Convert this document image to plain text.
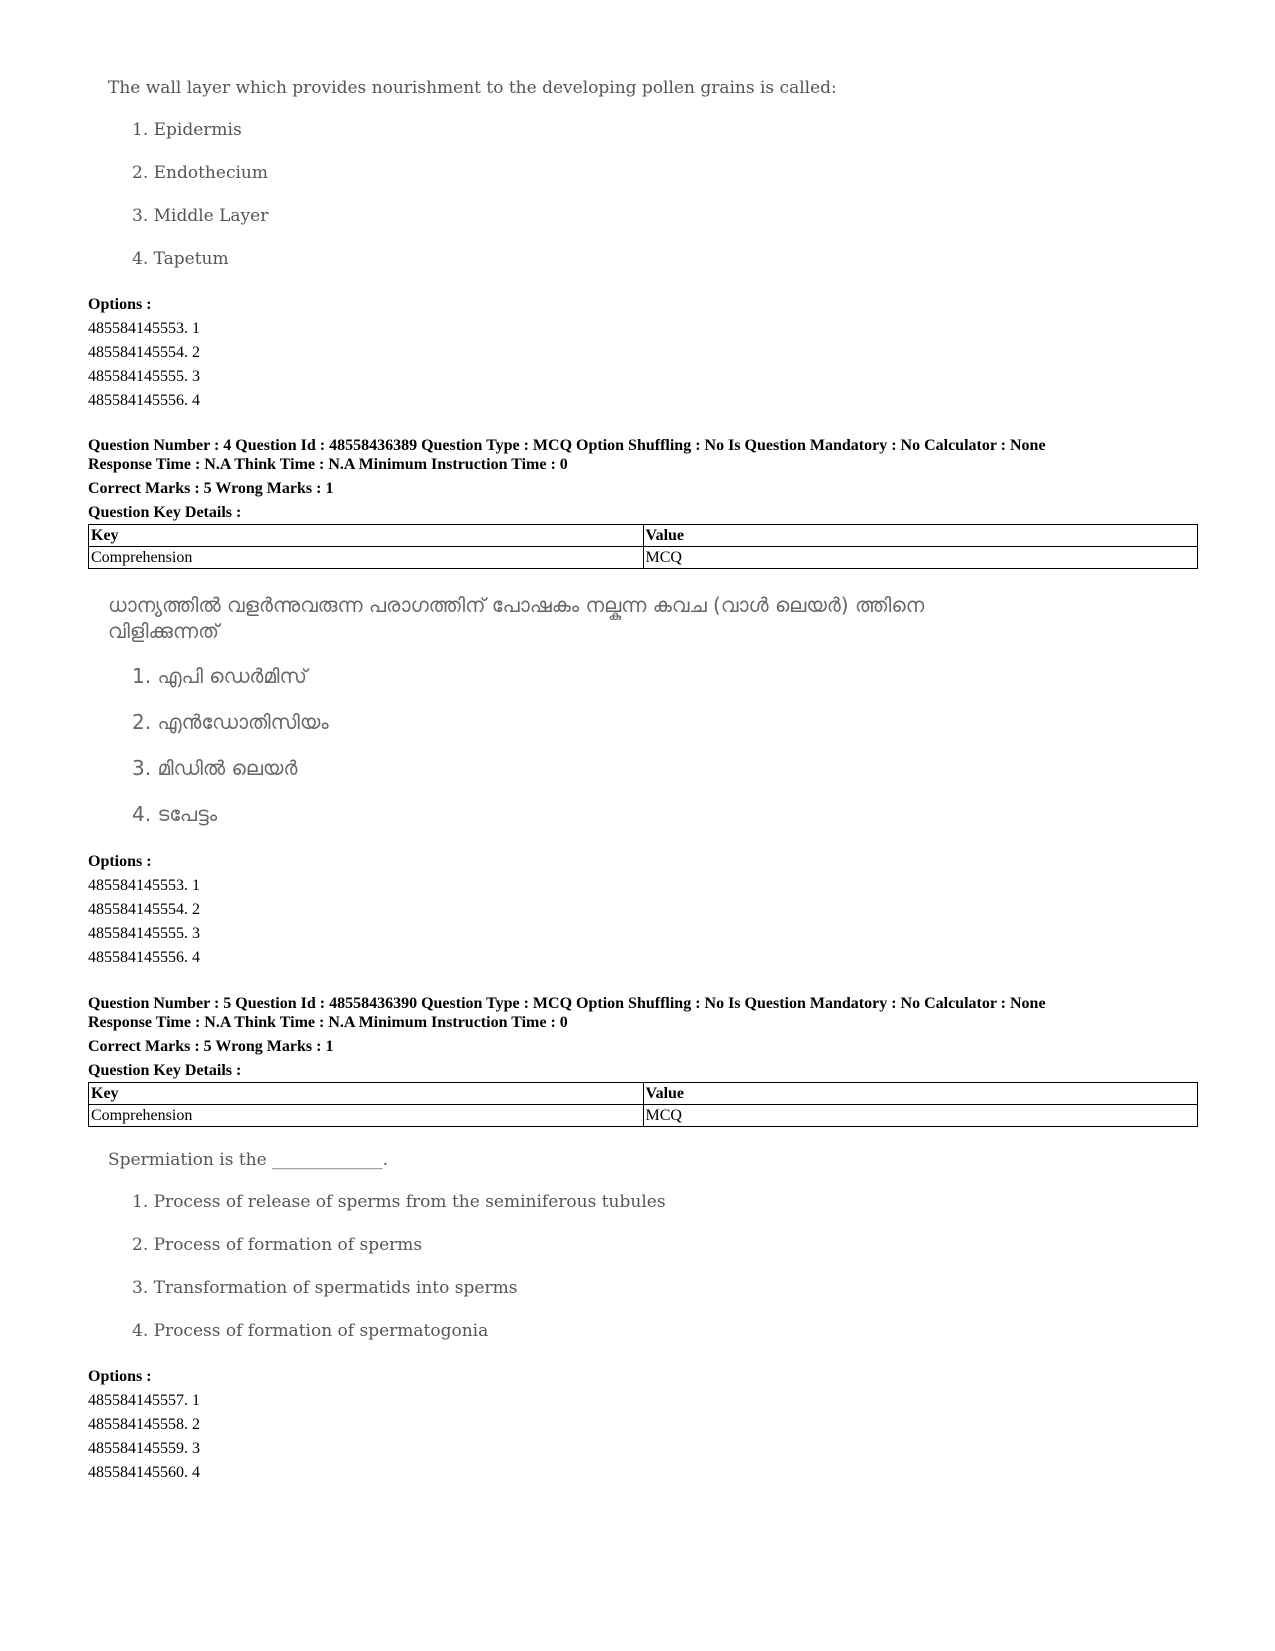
The wall layer which provides nourishment to the developing pollen grains is called:
1. Epidermis
2. Endothecium
3. Middle Layer
4. Tapetum
Options :
485584145553. 1
485584145554. 2
485584145555. 3
485584145556. 4
Question Number : 4 Question Id : 48558436389 Question Type : MCQ Option Shuffling : No Is Question Mandatory : No Calculator : None
Response Time : N.A Think Time : N.A Minimum Instruction Time : 0
Correct Marks : 5 Wrong Marks : 1
Question Key Details :
Key	Value
Comprehension	MCQ
ധാന്യത്തിൽ വളർന്നുവരുന്ന പരാഗത്തിന് പോഷകം നല്കുന്ന കവച (വാൾ ലെയർ) ത്തിനെ വിളിക്കുന്നത്
1. എപി ഡെർമിസ്
2. എൻഡോതിസിയം
3. മിഡിൽ ലെയർ
4. ടപേട്ടം
Options :
485584145553. 1
485584145554. 2
485584145555. 3
485584145556. 4
Question Number : 5 Question Id : 48558436390 Question Type : MCQ Option Shuffling : No Is Question Mandatory : No Calculator : None
Response Time : N.A Think Time : N.A Minimum Instruction Time : 0
Correct Marks : 5 Wrong Marks : 1
Question Key Details :
Key	Value
Comprehension	MCQ
Spermiation is the _____________.
1. Process of release of sperms from the seminiferous tubules
2. Process of formation of sperms
3. Transformation of spermatids into sperms
4. Process of formation of spermatogonia
Options :
485584145557. 1
485584145558. 2
485584145559. 3
485584145560. 4
